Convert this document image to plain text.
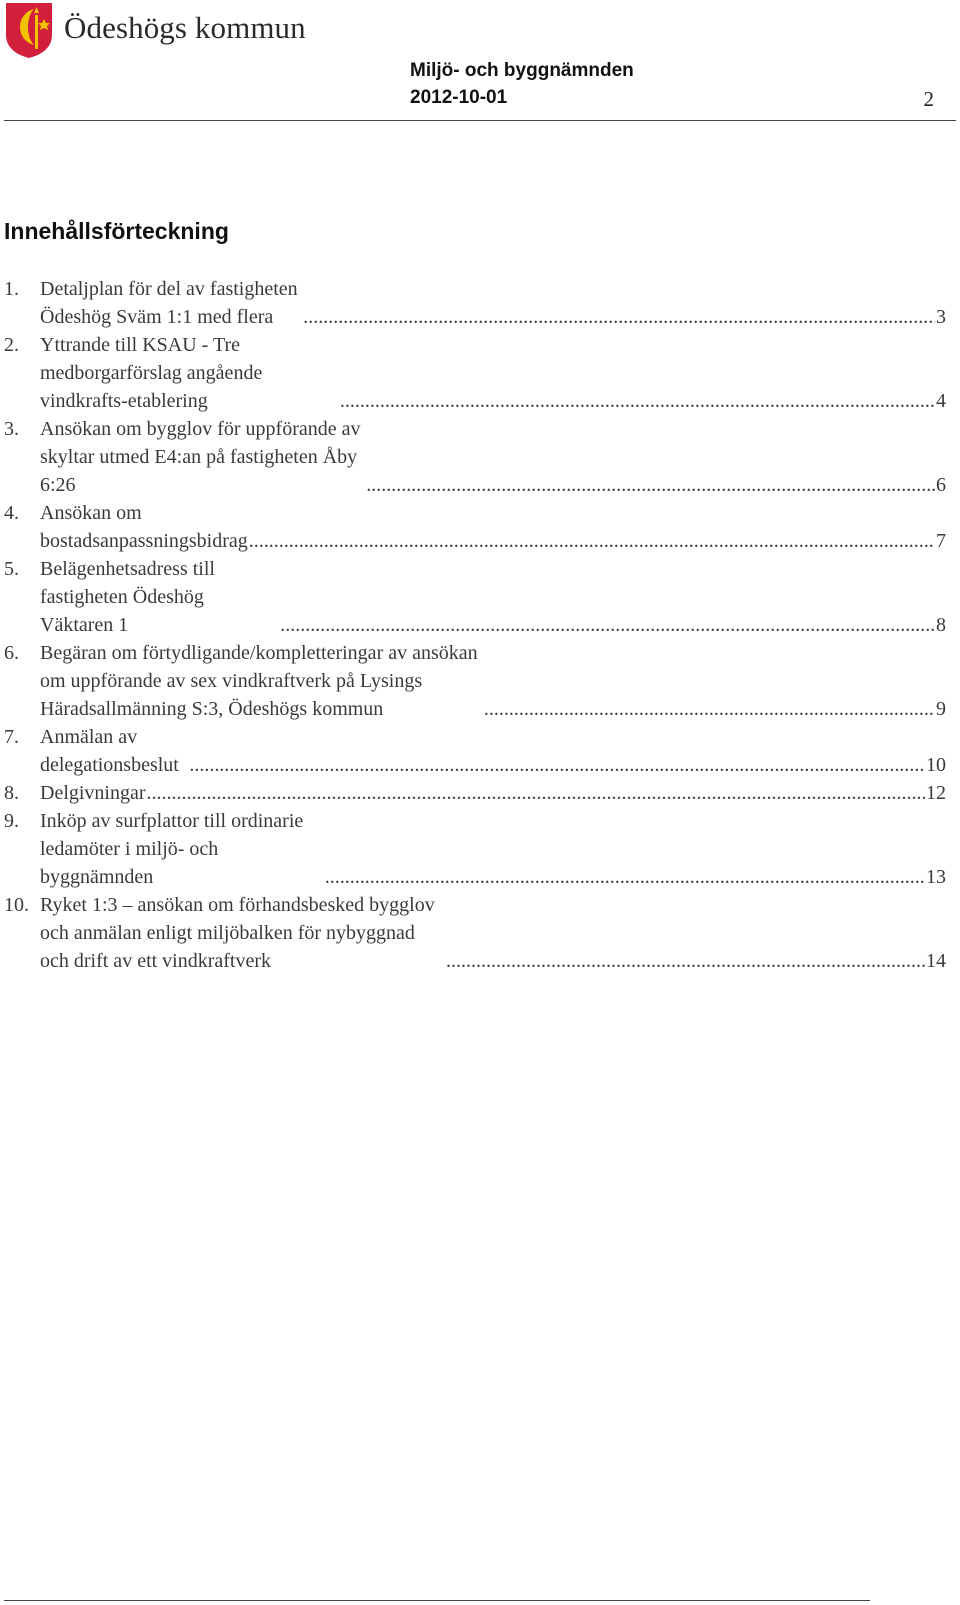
Ödeshögs kommun
Miljö- och byggnämnden
2012-10-01	2
Innehållsförteckning
1.	Detaljplan för del av fastigheten Ödeshög Sväm 1:1 med flera .....	3
2.	Yttrande till KSAU - Tre medborgarförslag angående vindkrafts-etablering .....	4
3.	Ansökan om bygglov för uppförande av skyltar utmed E4:an på fastigheten Åby 6:26 .....	6
4.	Ansökan om bostadsanpassningsbidrag .....	7
5.	Belägenhetsadress till fastigheten Ödeshög Väktaren 1 .....	8
6.	Begäran om förtydligande/kompletteringar av ansökan om uppförande av sex vindkraftverk på Lysings Häradsallmänning S:3, Ödeshögs kommun .....	9
7.	Anmälan av delegationsbeslut .....	10
8.	Delgivningar .....	12
9.	Inköp av surfplattor till ordinarie ledamöter i miljö- och byggnämnden .....	13
10. Ryket 1:3 – ansökan om förhandsbesked bygglov och anmälan enligt miljöbalken för nybyggnad och drift av ett vindkraftverk .....	14
